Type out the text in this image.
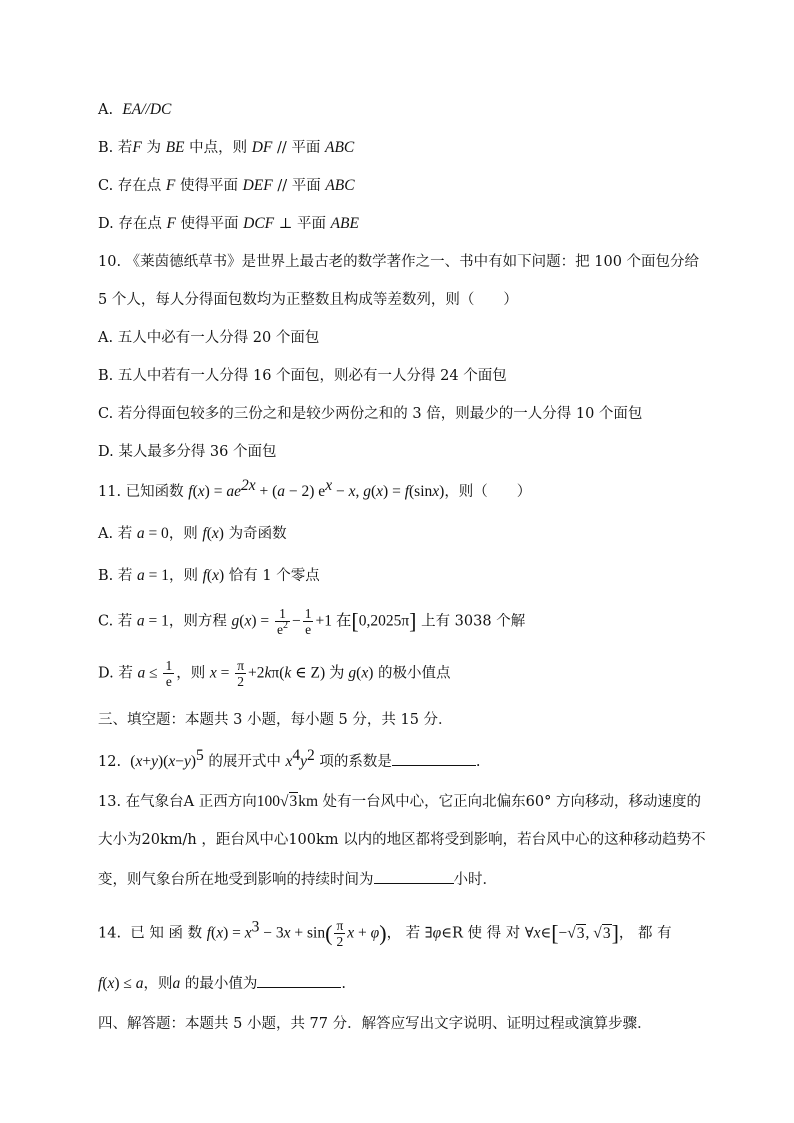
A. EA//DC
B. 若F 为 BE 中点，则 DF // 平面 ABC
C. 存在点 F 使得平面 DEF // 平面 ABC
D. 存在点 F 使得平面 DCF ⊥ 平面 ABE
10. 《莱茵德纸草书》是世界上最古老的数学著作之一、书中有如下问题：把 100 个面包分给
5 个人，每人分得面包数均为正整数且构成等差数列，则（　　）
A. 五人中必有一人分得 20 个面包
B. 五人中若有一人分得 16 个面包，则必有一人分得 24 个面包
C. 若分得面包较多的三份之和是较少两份之和的 3 倍，则最少的一人分得 10 个面包
D. 某人最多分得 36 个面包
11. 已知函数 $f(x) = ae^{2x} + (a - 2) e^x - x$, g(x) = f(sinx)，则（　　）
A. 若 a = 0，则 f(x) 为奇函数
B. 若 a = 1，则 f(x) 恰有 1 个零点
C. 若 a = 1，则方程 $g(x) = \frac{1}{e^2} - \frac{1}{e} +1$ 在[0,2025π] 上有 3038 个解
D. 若 $a \le \frac{1}{e}$ ，则 $x = \frac{\pi}{2} +2k\pi(k$ ∈ Z) 为 g(x) 的极小值点
三、填空题：本题共 3 小题，每小题 5 分，共 15 分．
12. $(x+y)(x-y)^5$ 的展开式中 $x^4y^2$ 项的系数是	.
13. 在气象台A 正西方向100√3km 处有一台风中心，它正向北偏东60° 方向移动，移动速度的
大小为20km/h ，距台风中心100km 以内的地区都将受到影响，若台风中心的这种移动趋势不
变，则气象台所在地受到影响的持续时间为	小时．
14. 已 知 函 数 $f(x) = x^3 - 3x + \sin( \frac{\pi}{2}$ x + φ)， 若 ∃φ∈R 使 得 对 ∀x∈[−√3, √3]， 都 有
f(x) ≤ a，则a 的最小值为	.
四、解答题：本题共 5 小题，共 77 分．解答应写出文字说明、证明过程或演算步骤．
